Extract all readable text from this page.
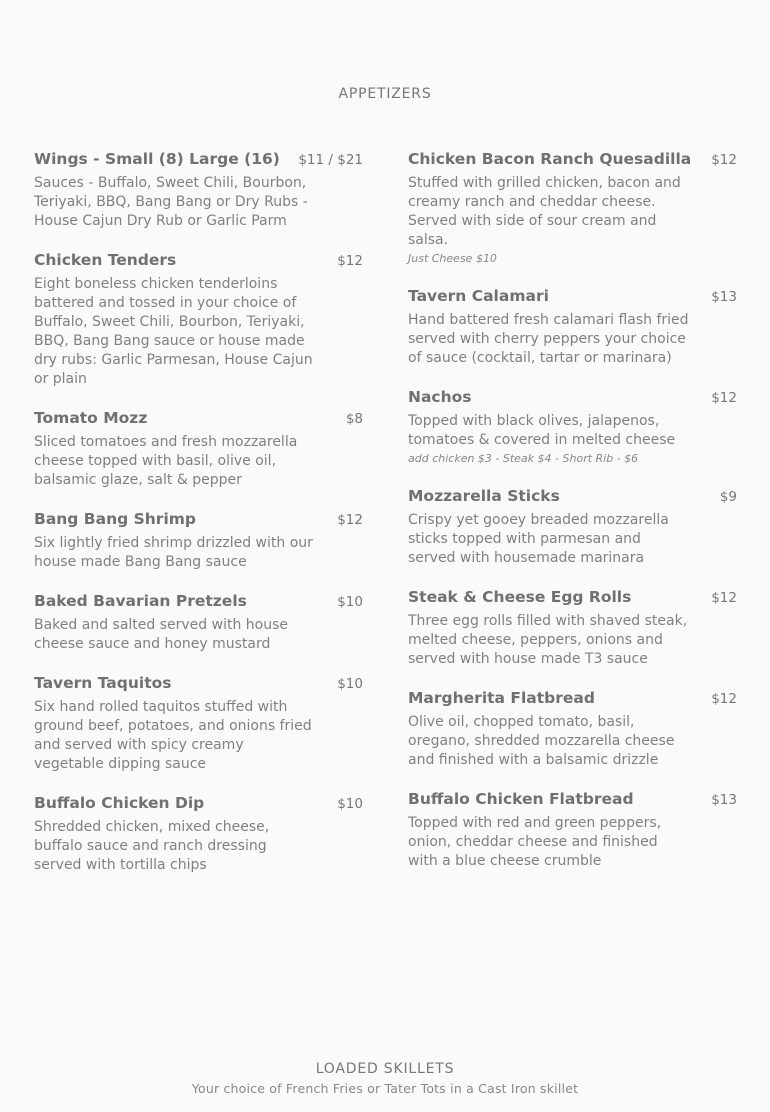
APPETIZERS
Wings - Small (8) Large (16) $11 / $21
Sauces - Buffalo, Sweet Chili, Bourbon, Teriyaki, BBQ, Bang Bang or Dry Rubs - House Cajun Dry Rub or Garlic Parm
Chicken Tenders	$12
Eight boneless chicken tenderloins battered and tossed in your choice of Buffalo, Sweet Chili, Bourbon, Teriyaki, BBQ, Bang Bang sauce or house made dry rubs: Garlic Parmesan, House Cajun or plain
Tomato Mozz	$8
Sliced tomatoes and fresh mozzarella cheese topped with basil, olive oil, balsamic glaze, salt & pepper
Bang Bang Shrimp	$12
Six lightly fried shrimp drizzled with our house made Bang Bang sauce
Baked Bavarian Pretzels	$10
Baked and salted served with house cheese sauce and honey mustard
Tavern Taquitos	$10
Six hand rolled taquitos stuffed with ground beef, potatoes, and onions fried and served with spicy creamy vegetable dipping sauce
Buffalo Chicken Dip	$10
Shredded chicken, mixed cheese, buffalo sauce and ranch dressing served with tortilla chips
Chicken Bacon Ranch Quesadilla $12
Stuffed with grilled chicken, bacon and creamy ranch and cheddar cheese. Served with side of sour cream and salsa.
Just Cheese $10
Tavern Calamari	$13
Hand battered fresh calamari flash fried served with cherry peppers your choice of sauce (cocktail, tartar or marinara)
Nachos	$12
Topped with black olives, jalapenos, tomatoes & covered in melted cheese
add chicken $3 - Steak $4 - Short Rib - $6
Mozzarella Sticks	$9
Crispy yet gooey breaded mozzarella sticks topped with parmesan and served with housemade marinara
Steak & Cheese Egg Rolls	$12
Three egg rolls filled with shaved steak, melted cheese, peppers, onions and served with house made T3 sauce
Margherita Flatbread	$12
Olive oil, chopped tomato, basil, oregano, shredded mozzarella cheese and finished with a balsamic drizzle
Buffalo Chicken Flatbread	$13
Topped with red and green peppers, onion, cheddar cheese and finished with a blue cheese crumble
LOADED SKILLETS
Your choice of French Fries or Tater Tots in a Cast Iron skillet
